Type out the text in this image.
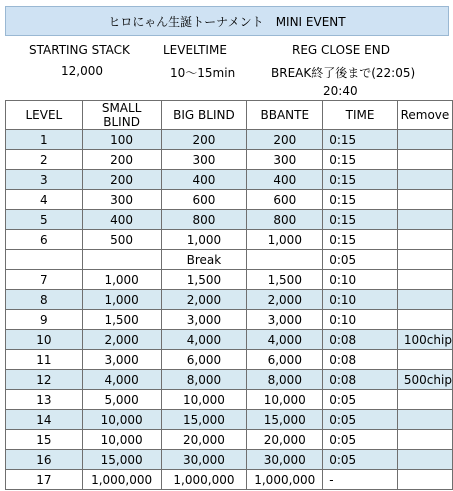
ヒロにゃん生誕トーナメント　MINI EVENT
STARTING STACK
12,000
LEVELTIME
10～15min
REG CLOSE END
BREAK終了後まで(22:05)
20:40
LEVEL	SMALL BLIND	BIG BLIND	BBANTE	TIME	Remove
1	100	200	200	0:15	
2	200	300	300	0:15	
3	200	400	400	0:15	
4	300	600	600	0:15	
5	400	800	800	0:15	
6	500	1,000	1,000	0:15	
		Break		0:05	
7	1,000	1,500	1,500	0:10	
8	1,000	2,000	2,000	0:10	
9	1,500	3,000	3,000	0:10	
10	2,000	4,000	4,000	0:08	100chip
11	3,000	6,000	6,000	0:08	
12	4,000	8,000	8,000	0:08	500chip
13	5,000	10,000	10,000	0:05	
14	10,000	15,000	15,000	0:05	
15	10,000	20,000	20,000	0:05	
16	15,000	30,000	30,000	0:05	
17	1,000,000	1,000,000	1,000,000	-	
